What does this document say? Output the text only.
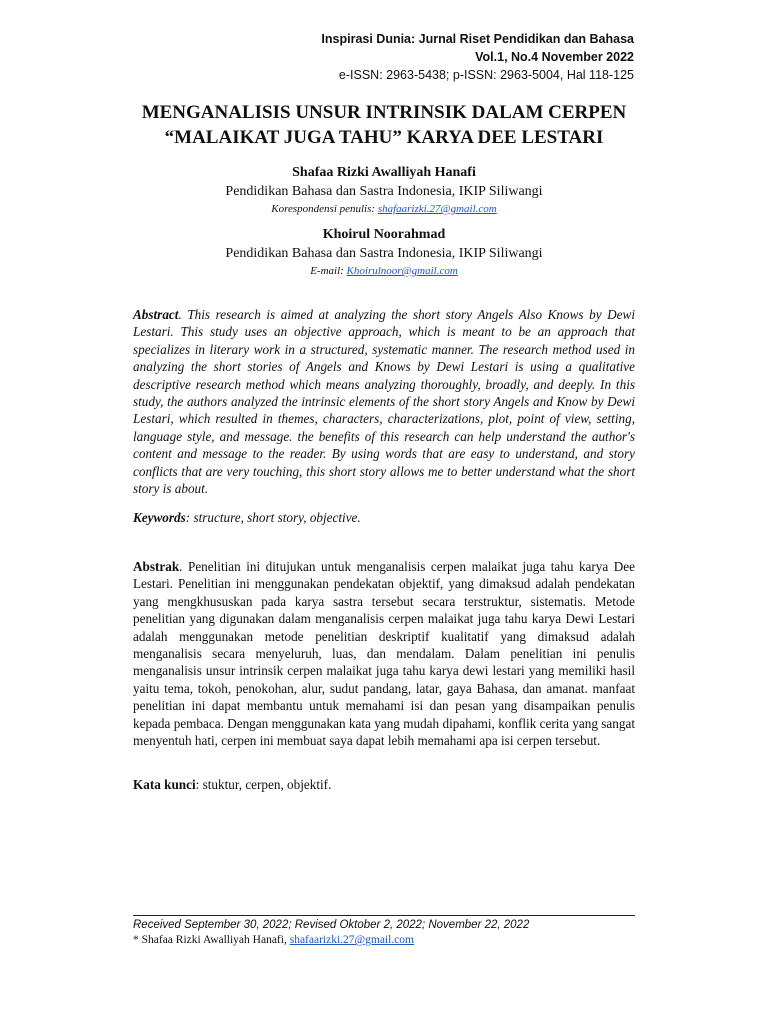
Inspirasi Dunia: Jurnal Riset Pendidikan dan Bahasa
Vol.1, No.4 November 2022
e-ISSN: 2963-5438; p-ISSN: 2963-5004, Hal 118-125
MENGANALISIS UNSUR INTRINSIK DALAM CERPEN
“MALAIKAT JUGA TAHU” KARYA DEE LESTARI
Shafaa Rizki Awalliyah Hanafi
Pendidikan Bahasa dan Sastra Indonesia, IKIP Siliwangi
Korespondensi penulis: shafaarizki.27@gmail.com
Khoirul Noorahmad
Pendidikan Bahasa dan Sastra Indonesia, IKIP Siliwangi
E-mail: Khoirulnoor@gmail.com
Abstract. This research is aimed at analyzing the short story Angels Also Knows by Dewi Lestari. This study uses an objective approach, which is meant to be an approach that specializes in literary work in a structured, systematic manner. The research method used in analyzing the short stories of Angels and Knows by Dewi Lestari is using a qualitative descriptive research method which means analyzing thoroughly, broadly, and deeply. In this study, the authors analyzed the intrinsic elements of the short story Angels and Know by Dewi Lestari, which resulted in themes, characters, characterizations, plot, point of view, setting, language style, and message. the benefits of this research can help understand the author's content and message to the reader. By using words that are easy to understand, and story conflicts that are very touching, this short story allows me to better understand what the short story is about.
Keywords: structure, short story, objective.
Abstrak. Penelitian ini ditujukan untuk menganalisis cerpen malaikat juga tahu karya Dee Lestari. Penelitian ini menggunakan pendekatan objektif, yang dimaksud adalah pendekatan yang mengkhususkan pada karya sastra tersebut secara terstruktur, sistematis. Metode penelitian yang digunakan dalam menganalisis cerpen malaikat juga tahu karya Dewi Lestari adalah menggunakan metode penelitian deskriptif kualitatif yang dimaksud adalah menganalisis secara menyeluruh, luas, dan mendalam. Dalam penelitian ini penulis menganalisis unsur intrinsik cerpen malaikat juga tahu karya dewi lestari yang memiliki hasil yaitu tema, tokoh, penokohan, alur, sudut pandang, latar, gaya Bahasa, dan amanat. manfaat penelitian ini dapat membantu untuk memahami isi dan pesan yang disampaikan penulis kepada pembaca. Dengan menggunakan kata yang mudah dipahami, konflik cerita yang sangat menyentuh hati, cerpen ini membuat saya dapat lebih memahami apa isi cerpen tersebut.
Kata kunci: stuktur, cerpen, objektif.
Received September 30, 2022; Revised Oktober 2, 2022; November 22, 2022
* Shafaa Rizki Awalliyah Hanafi, shafaarizki.27@gmail.com
